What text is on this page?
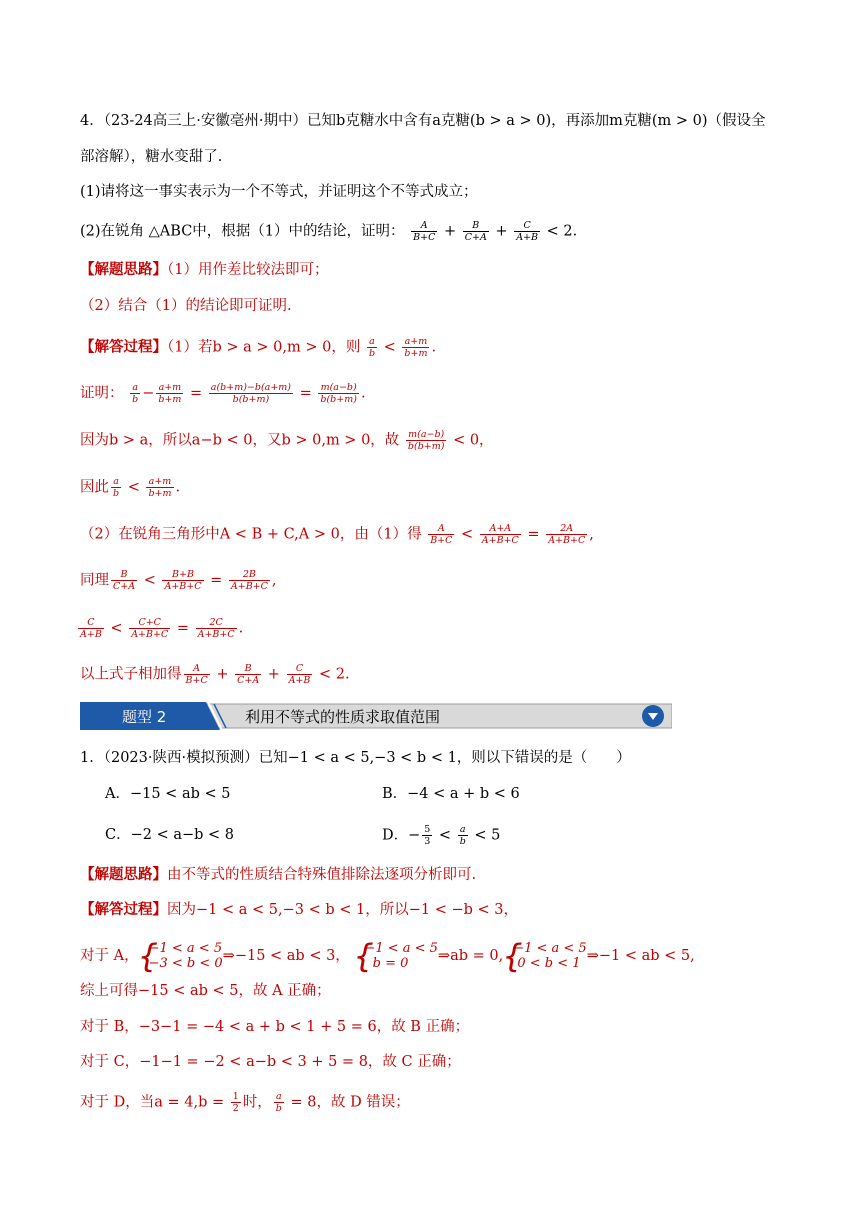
4．（23-24高三上·安徽亳州·期中）已知b克糖水中含有a克糖(b > a > 0)，再添加m克糖(m > 0)（假设全
部溶解），糖水变甜了.
(1)请将这一事实表示为一个不等式，并证明这个不等式成立；
(2)在锐角 △ABC中，根据（1）中的结论，证明： $\frac{A}{B+C} + \frac{B}{C+A} + \frac{C}{A+B} < 2$.
【解题思路】（1）用作差比较法即可；
（2）结合（1）的结论即可证明.
【解答过程】（1）若b > a > 0,m > 0，则 $\frac{a}{b} < \frac{a+m}{b+m}$ .
证明： $\frac{a}{b} - \frac{a+m}{b+m} = \frac{a(b+m)-b(a+m)}{b(b+m)} = \frac{m(a-b)}{b(b+m)}$ .
因为b > a，所以a−b < 0，又b > 0,m > 0，故 $\frac{m(a-b)}{b(b+m)} < 0$，
因此 $\frac{a}{b} < \frac{a+m}{b+m}$ .
（2）在锐角三角形中A < B + C,A > 0，由（1）得 $\frac{A}{B+C} < \frac{A+A}{A+B+C} = \frac{2A}{A+B+C}$ ,
同理 $\frac{B}{C+A} < \frac{B+B}{A+B+C} = \frac{2B}{A+B+C}$ ,
$\frac{C}{A+B} < \frac{C+C}{A+B+C} = \frac{2C}{A+B+C}$ .
以上式子相加得 $\frac{A}{B+C} + \frac{B}{C+A} + \frac{C}{A+B} < 2$.
题型 2	利用不等式的性质求取值范围
1．（2023·陕西·模拟预测）已知−1 < a < 5,−3 < b < 1，则以下错误的是（　　）
A．−15 < ab < 5	B．−4 < a + b < 6
C．−2 < a−b < 8	D．− $\frac{5}{3} < \frac{a}{b} < 5$
【解题思路】由不等式的性质结合特殊值排除法逐项分析即可.
【解答过程】因为−1 < a < 5,−3 < b < 1，所以−1 < −b < 3，
对于 A， { −1 < a < 5
−3 < b < 0 ⇒−15 < ab < 3， { −1 < a < 5
b = 0	⇒ab = 0, { −1 < a < 5
0 < b < 1 ⇒−1 < ab < 5,
综上可得−15 < ab < 5，故 A 正确；
对于 B，−3−1 = −4 < a + b < 1 + 5 = 6，故 B 正确；
对于 C，−1−1 = −2 < a−b < 3 + 5 = 8，故 C 正确；
对于 D，当$a = 4,b = \frac{1}{2}$ 时， $\frac{a}{b} = 8$，故 D 错误；
